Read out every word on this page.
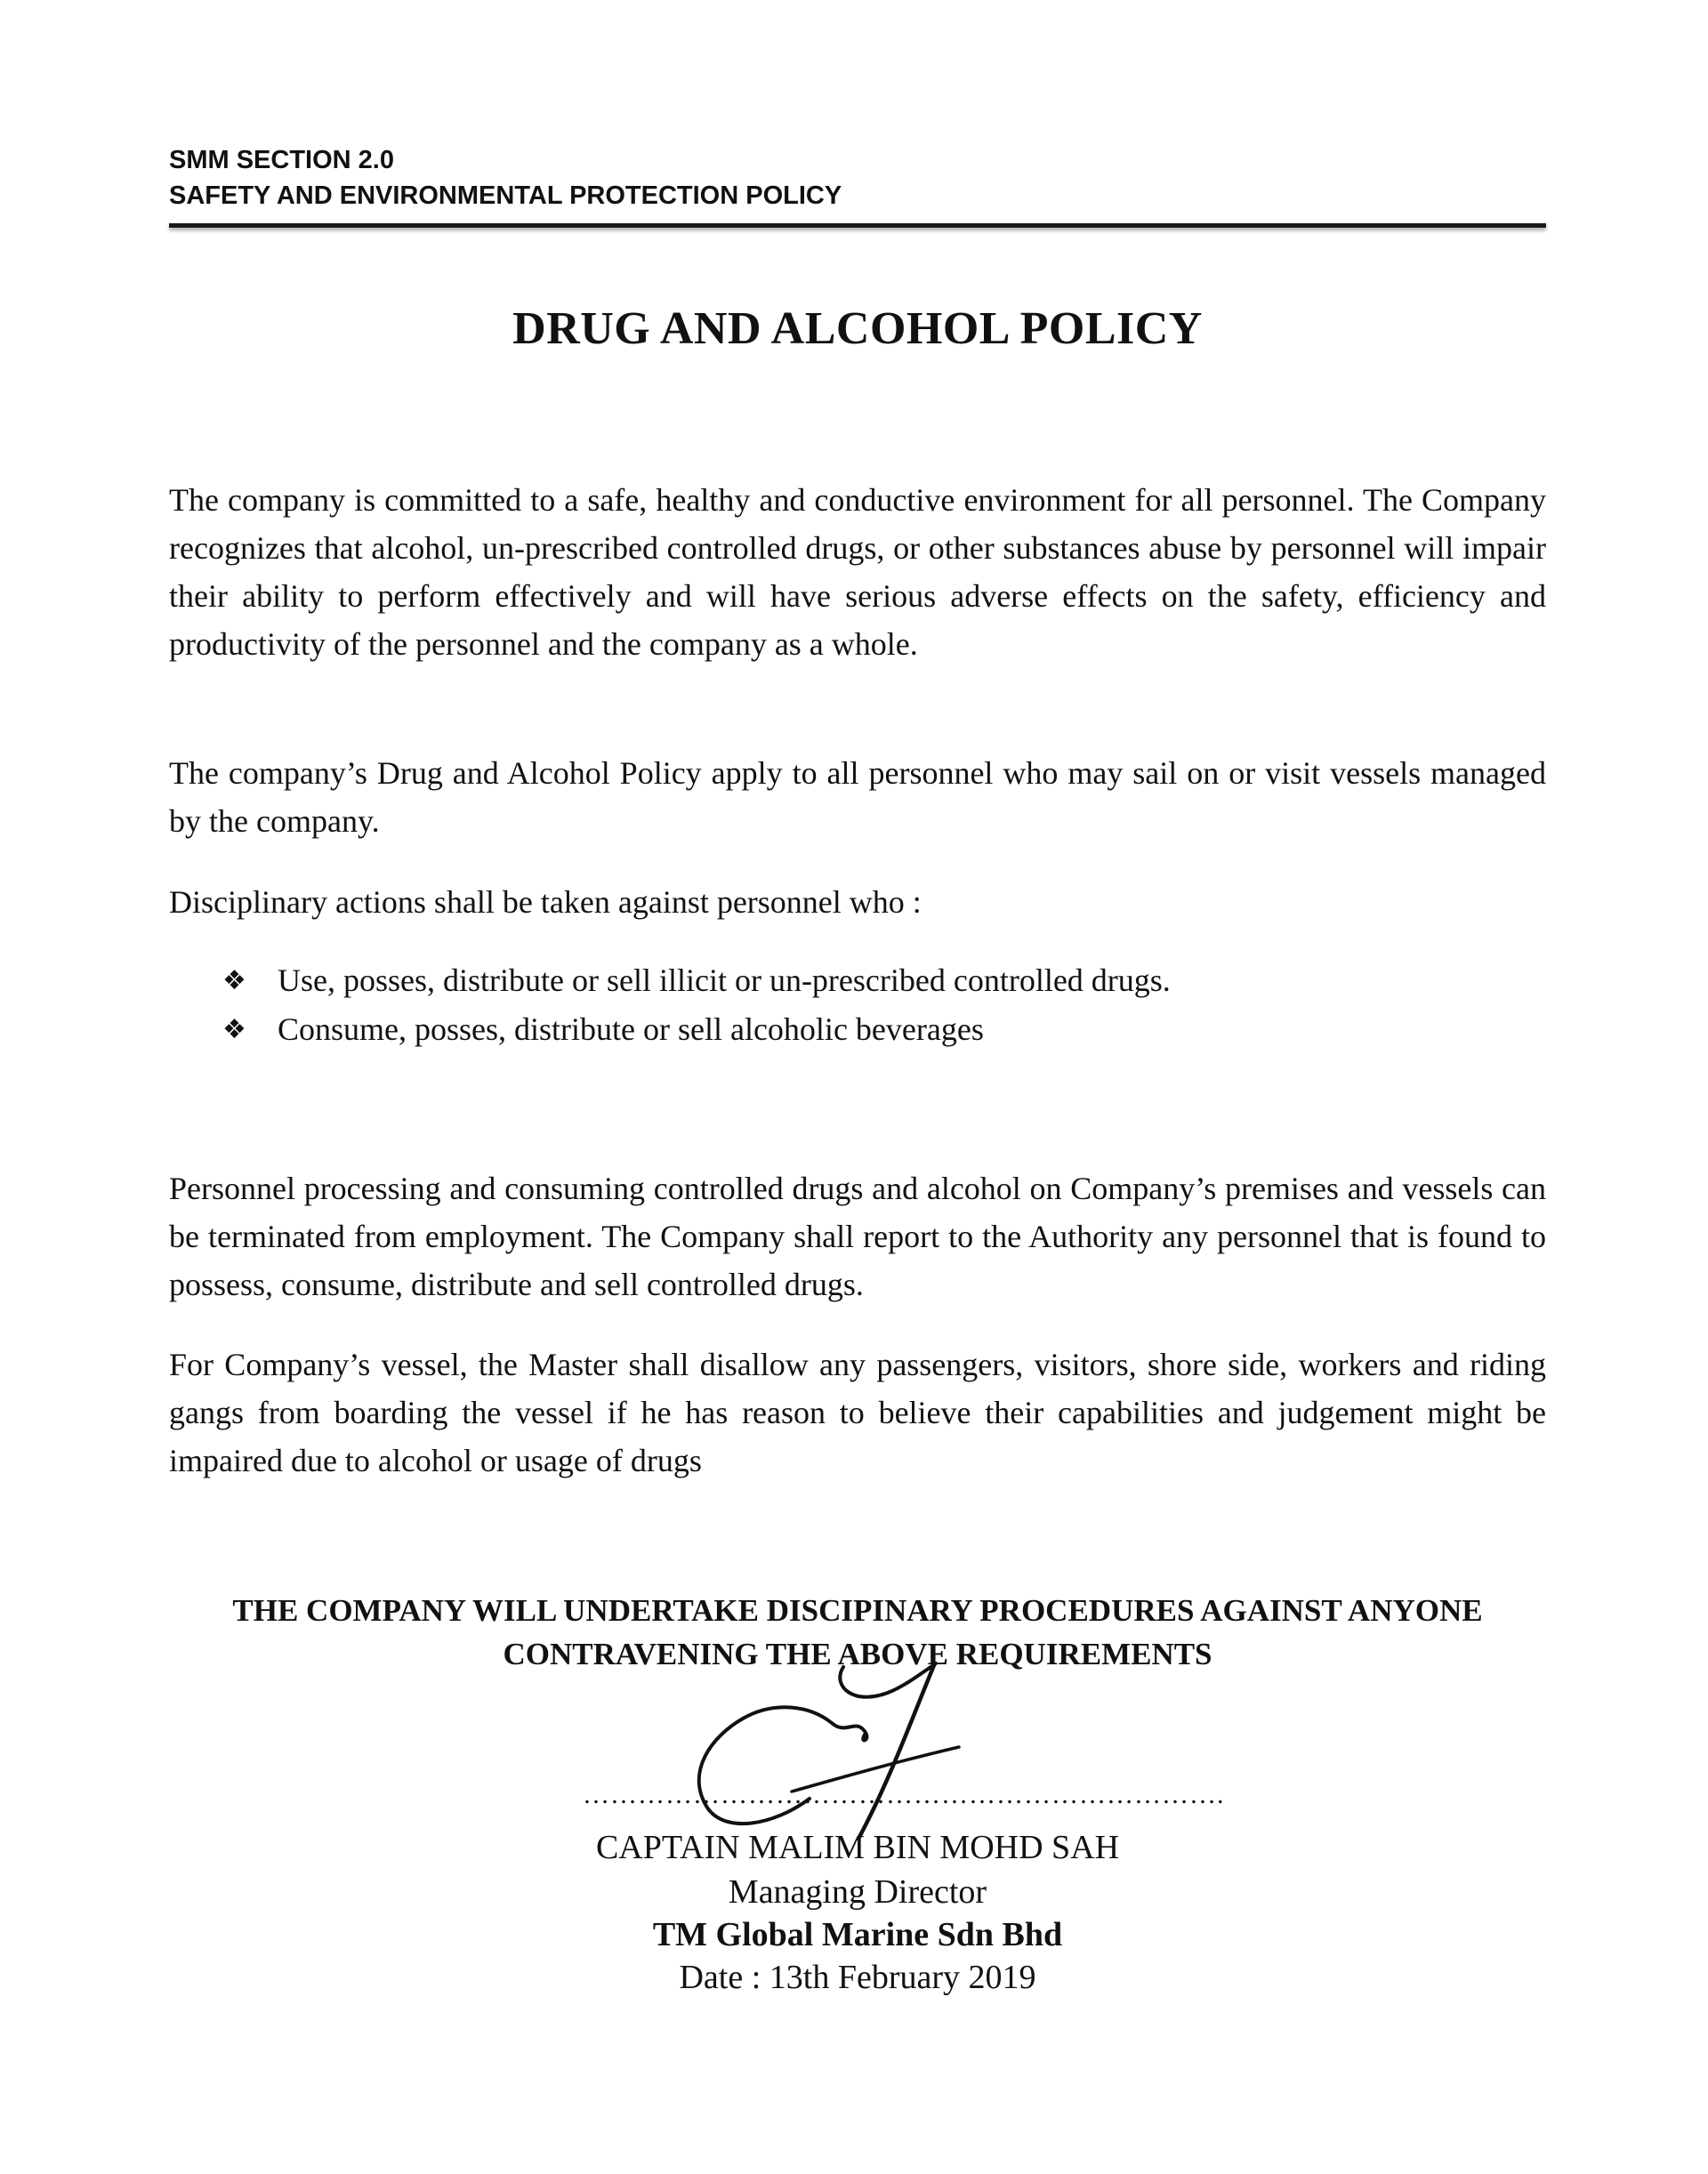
SMM SECTION 2.0
SAFETY AND ENVIRONMENTAL PROTECTION POLICY
DRUG AND ALCOHOL POLICY

The company is committed to a safe, healthy and conductive environment for all personnel. The Company recognizes that alcohol, un-prescribed controlled drugs, or other substances abuse by personnel will impair their ability to perform effectively and will have serious adverse effects on the safety, efficiency and productivity of the personnel and the company as a whole.

The company’s Drug and Alcohol Policy apply to all personnel who may sail on or visit vessels managed by the company.

Disciplinary actions shall be taken against personnel who :

❖ Use, posses, distribute or sell illicit or un-prescribed controlled drugs.
❖ Consume, posses, distribute or sell alcoholic beverages

Personnel processing and consuming controlled drugs and alcohol on Company’s premises and vessels can be terminated from employment. The Company shall report to the Authority any personnel that is found to possess, consume, distribute and sell controlled drugs.

For Company’s vessel, the Master shall disallow any passengers, visitors, shore side, workers and riding gangs from boarding the vessel if he has reason to believe their capabilities and judgement might be impaired due to alcohol or usage of drugs

THE COMPANY WILL UNDERTAKE DISCIPINARY PROCEDURES AGAINST ANYONE CONTRAVENING THE ABOVE REQUIREMENTS
…………………………………………………………….
CAPTAIN MALIM BIN MOHD SAH
Managing Director
TM Global Marine Sdn Bhd
Date : 13th February 2019
